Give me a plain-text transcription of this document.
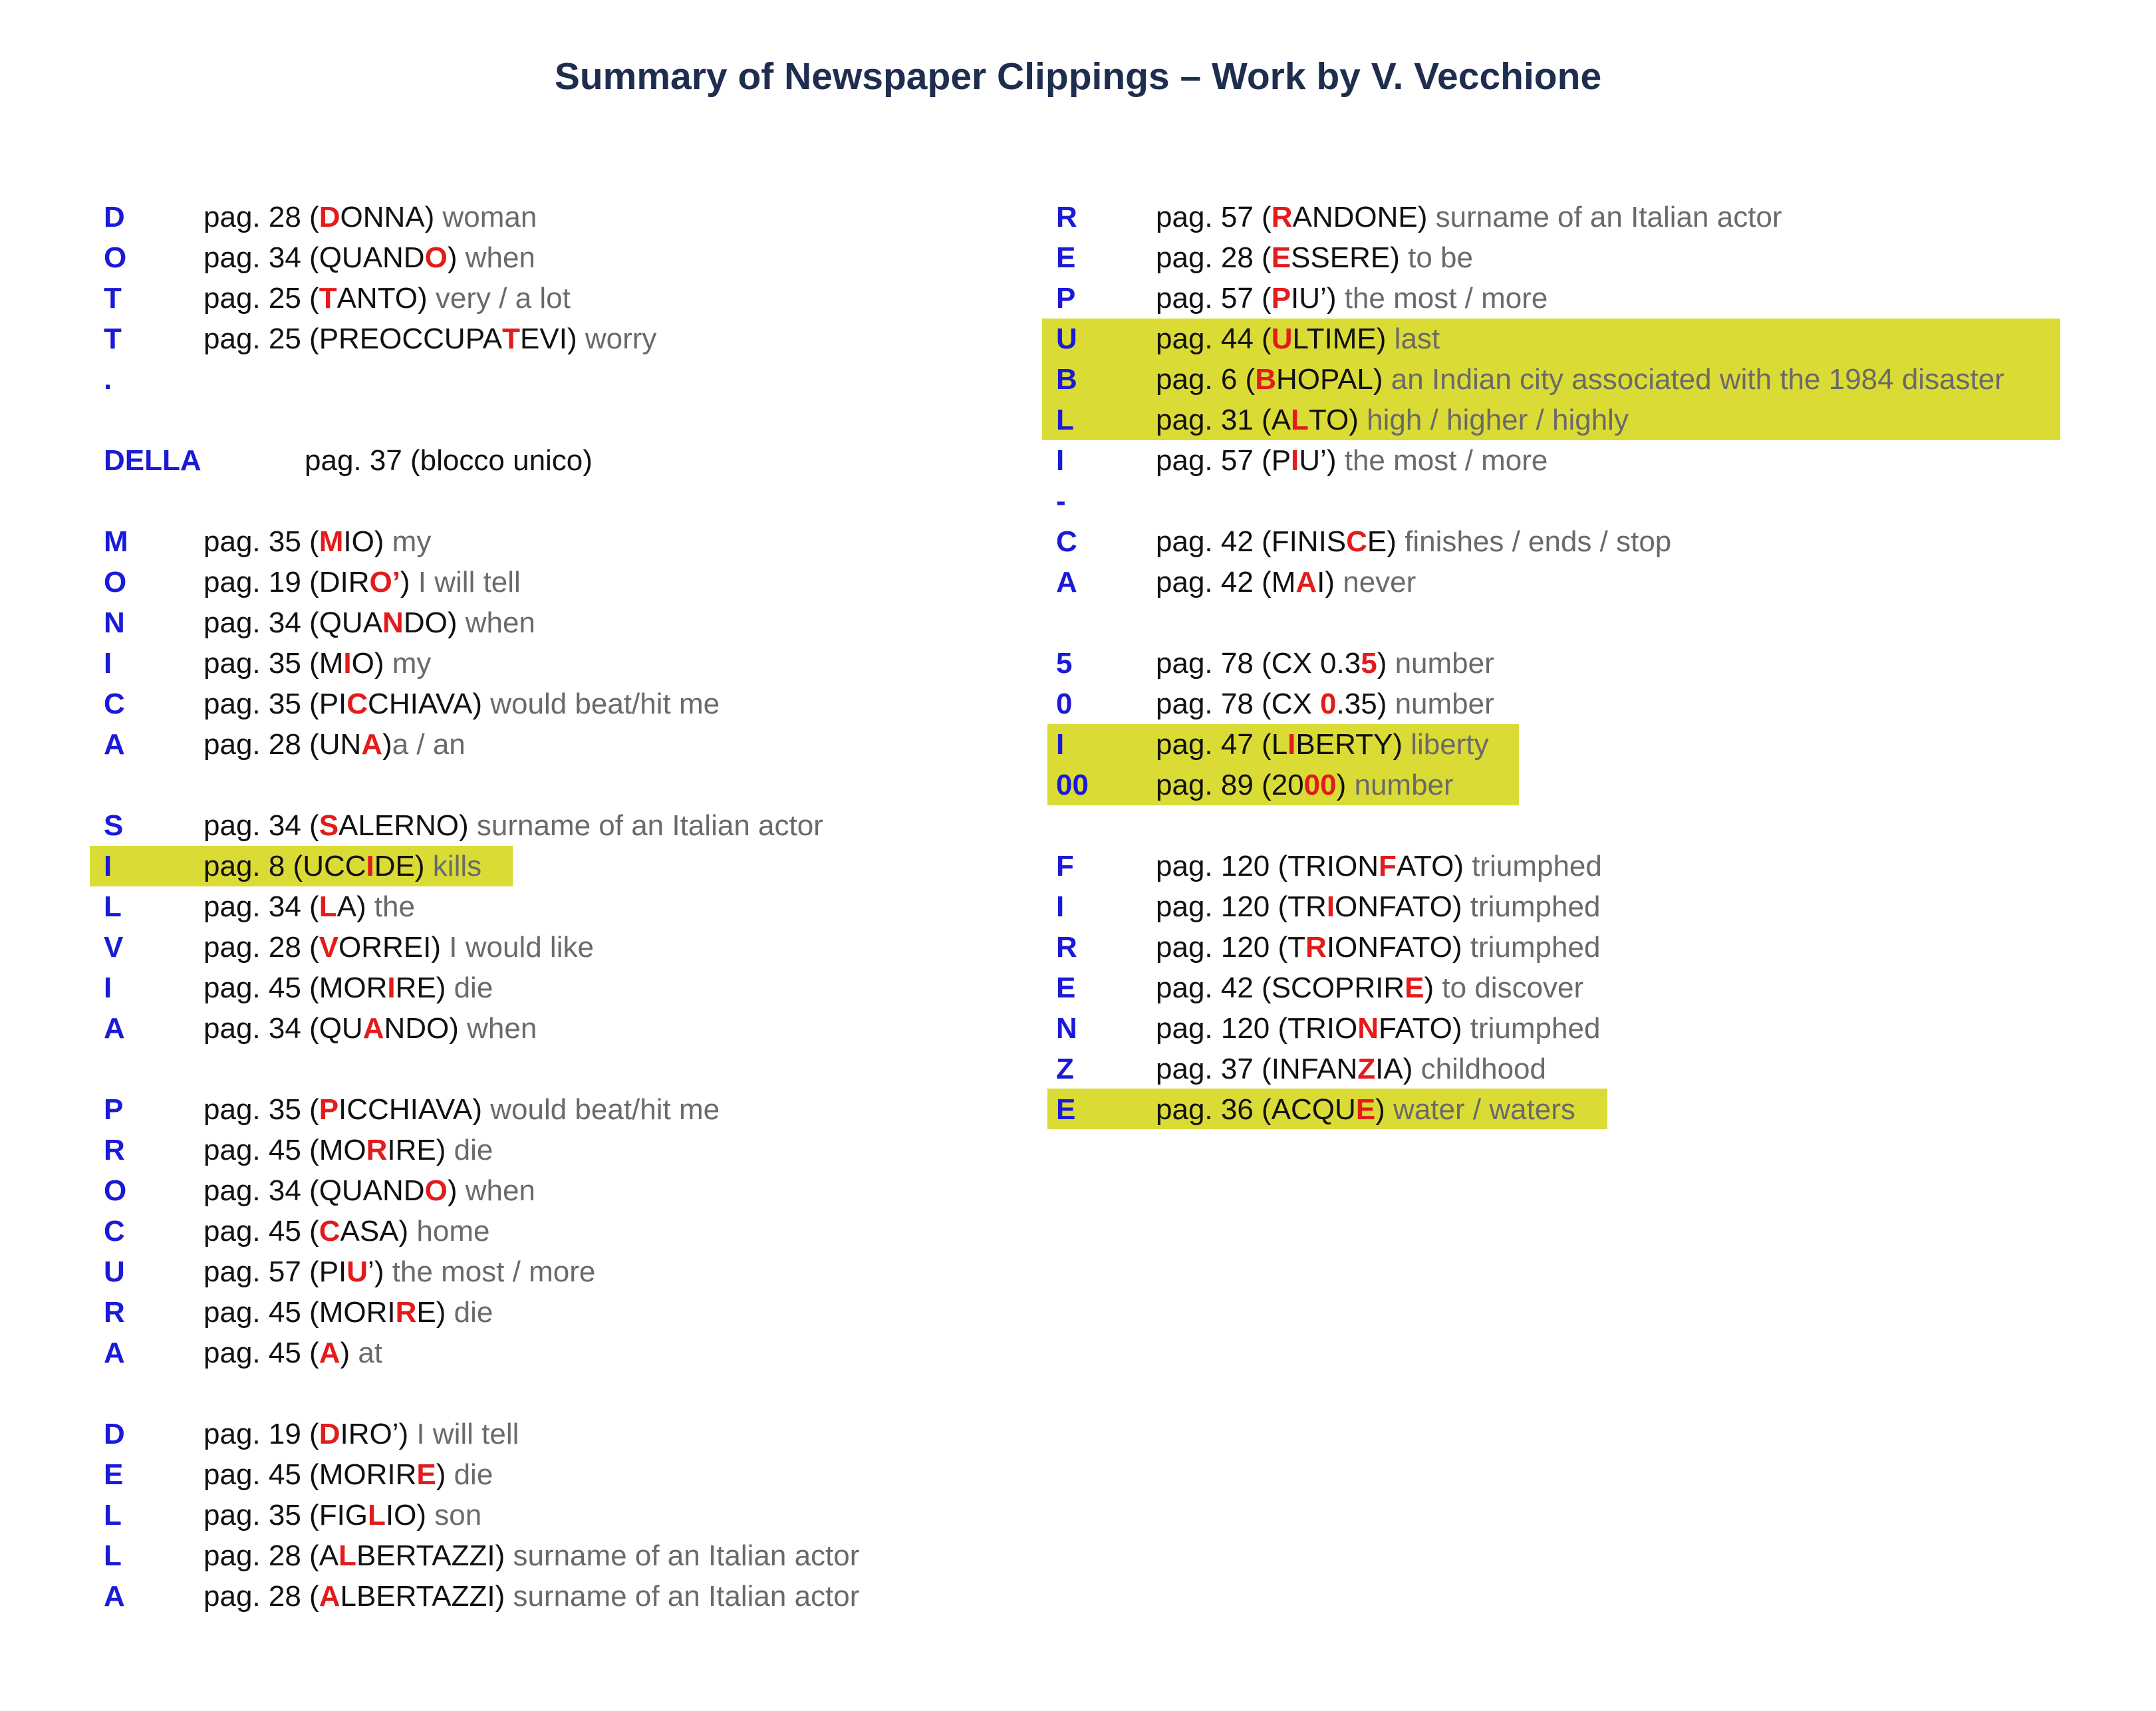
Summary of Newspaper Clippings – Work by V. Vecchione
D	pag. 28 (DONNA) woman
O	pag. 34 (QUANDO) when
T	pag. 25 (TANTO) very / a lot
T	pag. 25 (PREOCCUPATEVI) worry
.
DELLA	pag. 37 (blocco unico)
M	pag. 35 (MIO) my
O	pag. 19 (DIRO’) I will tell
N	pag. 34 (QUANDO) when
I	pag. 35 (MIO) my
C	pag. 35 (PICCHIAVA) would beat/hit me
A	pag. 28 (UNA)a / an
S	pag. 34 (SALERNO) surname of an Italian actor
I	pag. 8 (UCCIDE) kills
L	pag. 34 (LA) the
V	pag. 28 (VORREI) I would like
I	pag. 45 (MORIRE) die
A	pag. 34 (QUANDO) when
P	pag. 35 (PICCHIAVA) would beat/hit me
R	pag. 45 (MORIRE) die
O	pag. 34 (QUANDO) when
C	pag. 45 (CASA) home
U	pag. 57 (PIU’) the most / more
R	pag. 45 (MORIRE) die
A	pag. 45 (A) at
D	pag. 19 (DIRO’) I will tell
E	pag. 45 (MORIRE) die
L	pag. 35 (FIGLIO) son
L	pag. 28 (ALBERTAZZI) surname of an Italian actor
A	pag. 28 (ALBERTAZZI) surname of an Italian actor
R	pag. 57 (RANDONE) surname of an Italian actor
E	pag. 28 (ESSERE) to be
P	pag. 57 (PIU’) the most / more
U	pag. 44 (ULTIME) last
B	pag. 6 (BHOPAL) an Indian city associated with the 1984 disaster
L	pag. 31 (ALTO) high / higher / highly
I	pag. 57 (PIU’) the most / more
-
C	pag. 42 (FINISCE) finishes / ends / stop
A	pag. 42 (MAI) never
5	pag. 78 (CX 0.35) number
0	pag. 78 (CX 0.35) number
I	pag. 47 (LIBERTY) liberty
00 pag. 89 (2000) number
F	pag. 120 (TRIONFATO) triumphed
I	pag. 120 (TRIONFATO) triumphed
R	pag. 120 (TRIONFATO) triumphed
E	pag. 42 (SCOPRIRE) to discover
N	pag. 120 (TRIONFATO) triumphed
Z	pag. 37 (INFANZIA) childhood
E	pag. 36 (ACQUE) water / waters
